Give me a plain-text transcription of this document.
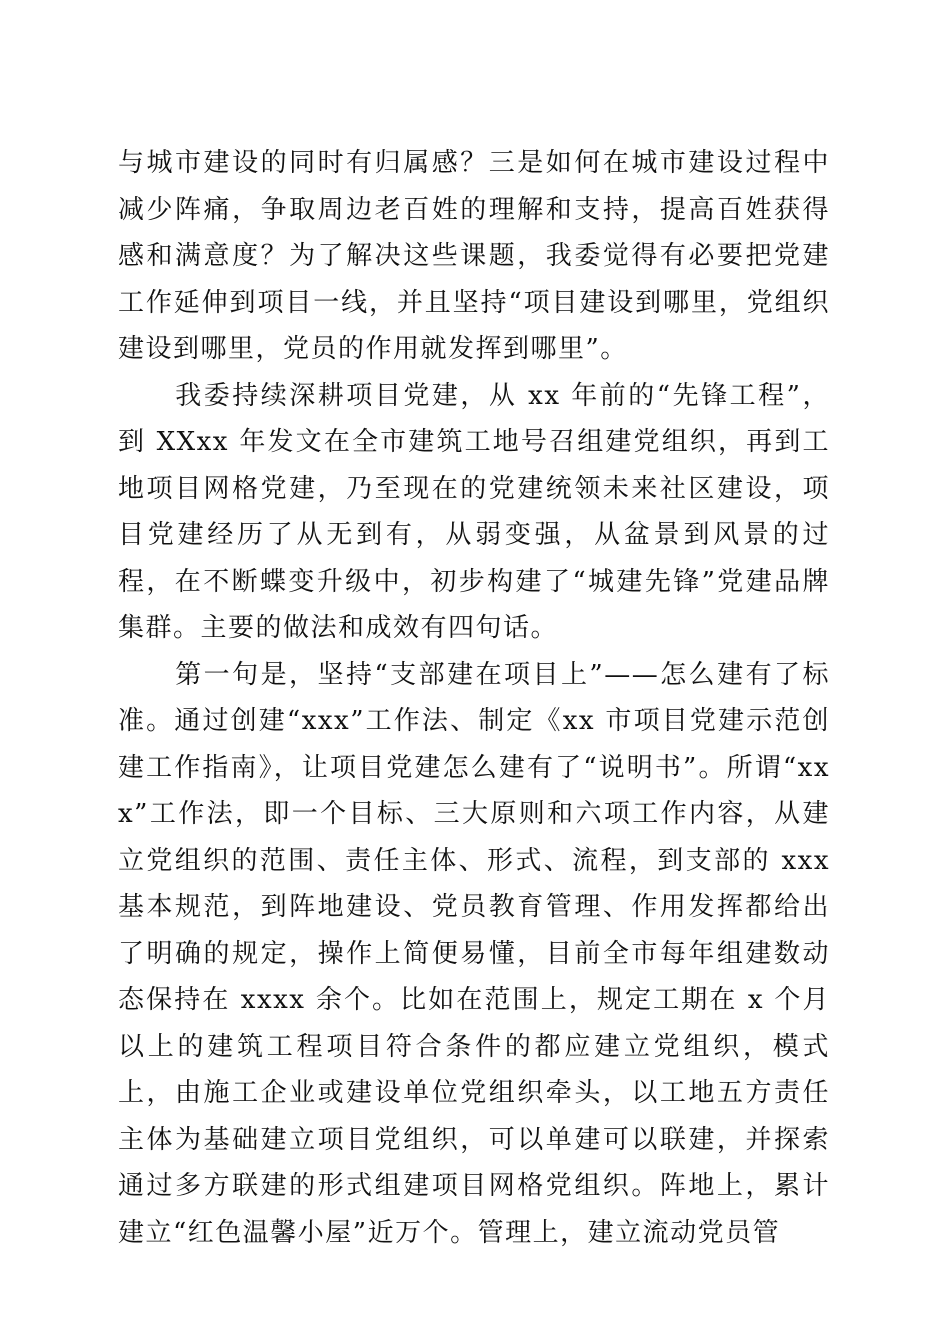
与城市建设的同时有归属感？三是如何在城市建设过程中减少阵痛，争取周边老百姓的理解和支持，提高百姓获得感和满意度？为了解决这些课题，我委觉得有必要把党建工作延伸到项目一线，并且坚持“项目建设到哪里，党组织建设到哪里，党员的作用就发挥到哪里”。

我委持续深耕项目党建，从 xx 年前的“先锋工程”，到 XXxx 年发文在全市建筑工地号召组建党组织，再到工地项目网格党建，乃至现在的党建统领未来社区建设，项目党建经历了从无到有，从弱变强，从盆景到风景的过程，在不断蝶变升级中，初步构建了“城建先锋”党建品牌集群。主要的做法和成效有四句话。

第一句是，坚持“支部建在项目上”——怎么建有了标准。通过创建“xxx”工作法、制定《xx 市项目党建示范创建工作指南》，让项目党建怎么建有了“说明书”。所谓“xxx”工作法，即一个目标、三大原则和六项工作内容，从建立党组织的范围、责任主体、形式、流程，到支部的 xxx 基本规范，到阵地建设、党员教育管理、作用发挥都给出了明确的规定，操作上简便易懂，目前全市每年组建数动态保持在 xxxx 余个。比如在范围上，规定工期在 x 个月以上的建筑工程项目符合条件的都应建立党组织，模式上，由施工企业或建设单位党组织牵头，以工地五方责任主体为基础建立项目党组织，可以单建可以联建，并探索通过多方联建的形式组建项目网格党组织。阵地上，累计建立“红色温馨小屋”近万个。管理上，建立流动党员管
